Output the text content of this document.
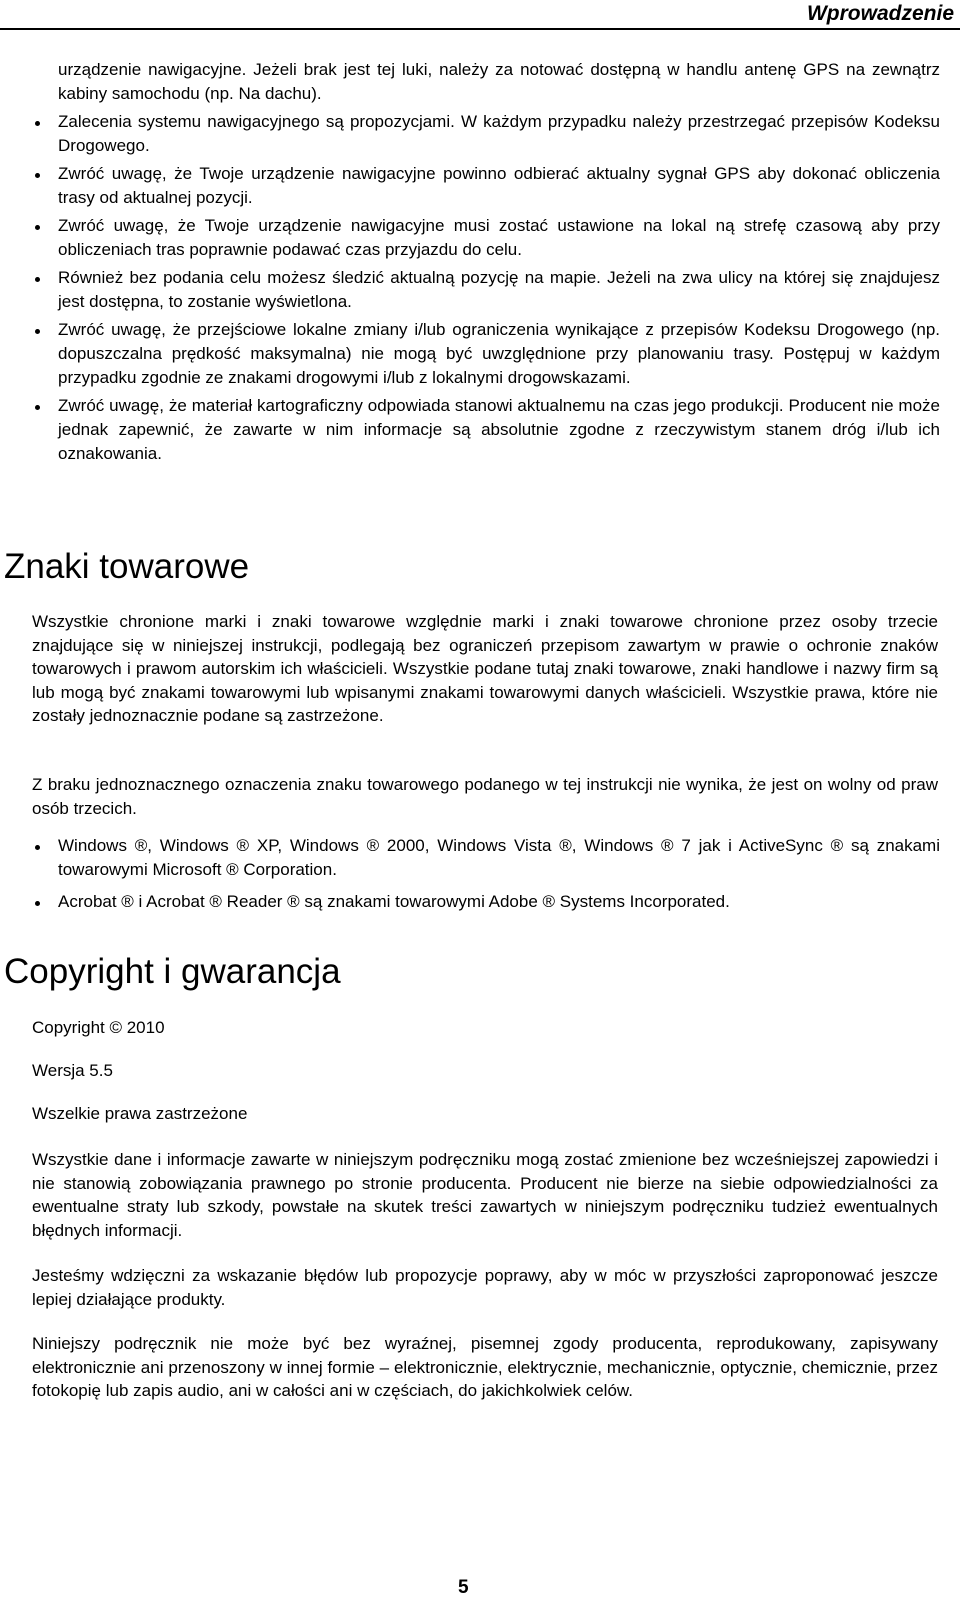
Wprowadzenie
urządzenie nawigacyjne. Jeżeli brak jest tej luki, należy za notować dostępną w handlu antenę GPS na zewnątrz kabiny samochodu (np. Na dachu).
Zalecenia systemu nawigacyjnego są propozycjami. W każdym przypadku należy przestrzegać przepisów Kodeksu Drogowego.
Zwróć uwagę, że Twoje urządzenie nawigacyjne powinno odbierać aktualny sygnał GPS aby dokonać obliczenia trasy od aktualnej pozycji.
Zwróć uwagę, że Twoje urządzenie nawigacyjne musi zostać ustawione na lokal ną strefę czasową aby przy obliczeniach tras poprawnie podawać czas przyjazdu do celu.
Również bez podania celu możesz śledzić aktualną pozycję na mapie. Jeżeli na zwa ulicy na której się znajdujesz jest dostępna, to zostanie wyświetlona.
Zwróć uwagę, że przejściowe lokalne zmiany i/lub ograniczenia wynikające z przepisów Kodeksu Drogowego (np. dopuszczalna prędkość maksymalna) nie mogą być uwzględnione przy planowaniu trasy. Postępuj w każdym przypadku zgodnie ze znakami drogowymi i/lub z lokalnymi drogowskazami.
Zwróć uwagę, że materiał kartograficzny odpowiada stanowi aktualnemu na czas jego produkcji. Producent nie może jednak zapewnić, że zawarte w nim informacje są absolutnie zgodne z rzeczywistym stanem dróg i/lub ich oznakowania.
Znaki towarowe

Wszystkie chronione marki i znaki towarowe względnie marki i znaki towarowe chronione przez osoby trzecie znajdujące się w niniejszej instrukcji, podlegają bez ograniczeń przepisom zawartym w prawie o ochronie znaków towarowych i prawom autorskim ich właścicieli. Wszystkie podane tutaj znaki towarowe, znaki handlowe i nazwy firm są lub mogą być znakami towarowymi lub wpisanymi znakami towarowymi danych właścicieli. Wszystkie prawa, które nie zostały jednoznacznie podane są zastrzeżone.

Z braku jednoznacznego oznaczenia znaku towarowego podanego w tej instrukcji nie wynika, że jest on wolny od praw osób trzecich.

Windows ®, Windows ® XP, Windows ® 2000, Windows Vista ®, Windows ® 7 jak i ActiveSync ® są znakami towarowymi Microsoft ® Corporation.
Acrobat ® i Acrobat ® Reader ® są znakami towarowymi Adobe ® Systems Incorporated.
Copyright i gwarancja

Copyright © 2010

Wersja 5.5

Wszelkie prawa zastrzeżone

Wszystkie dane i informacje zawarte w niniejszym podręczniku mogą zostać zmienione bez wcześniejszej zapowiedzi i nie stanowią zobowiązania prawnego po stronie producenta. Producent nie bierze na siebie odpowiedzialności za ewentualne straty lub szkody, powstałe na skutek treści zawartych w niniejszym podręczniku tudzież ewentualnych błędnych informacji.

Jesteśmy wdzięczni za wskazanie błędów lub propozycje poprawy, aby w móc w przyszłości zaproponować jeszcze lepiej działające produkty.

Niniejszy podręcznik nie może być bez wyraźnej, pisemnej zgody producenta, reprodukowany, zapisywany elektronicznie ani przenoszony w innej formie – elektronicznie, elektrycznie, mechanicznie, optycznie, chemicznie, przez fotokopię lub zapis audio, ani w całości ani w częściach, do jakichkolwiek celów.

5
